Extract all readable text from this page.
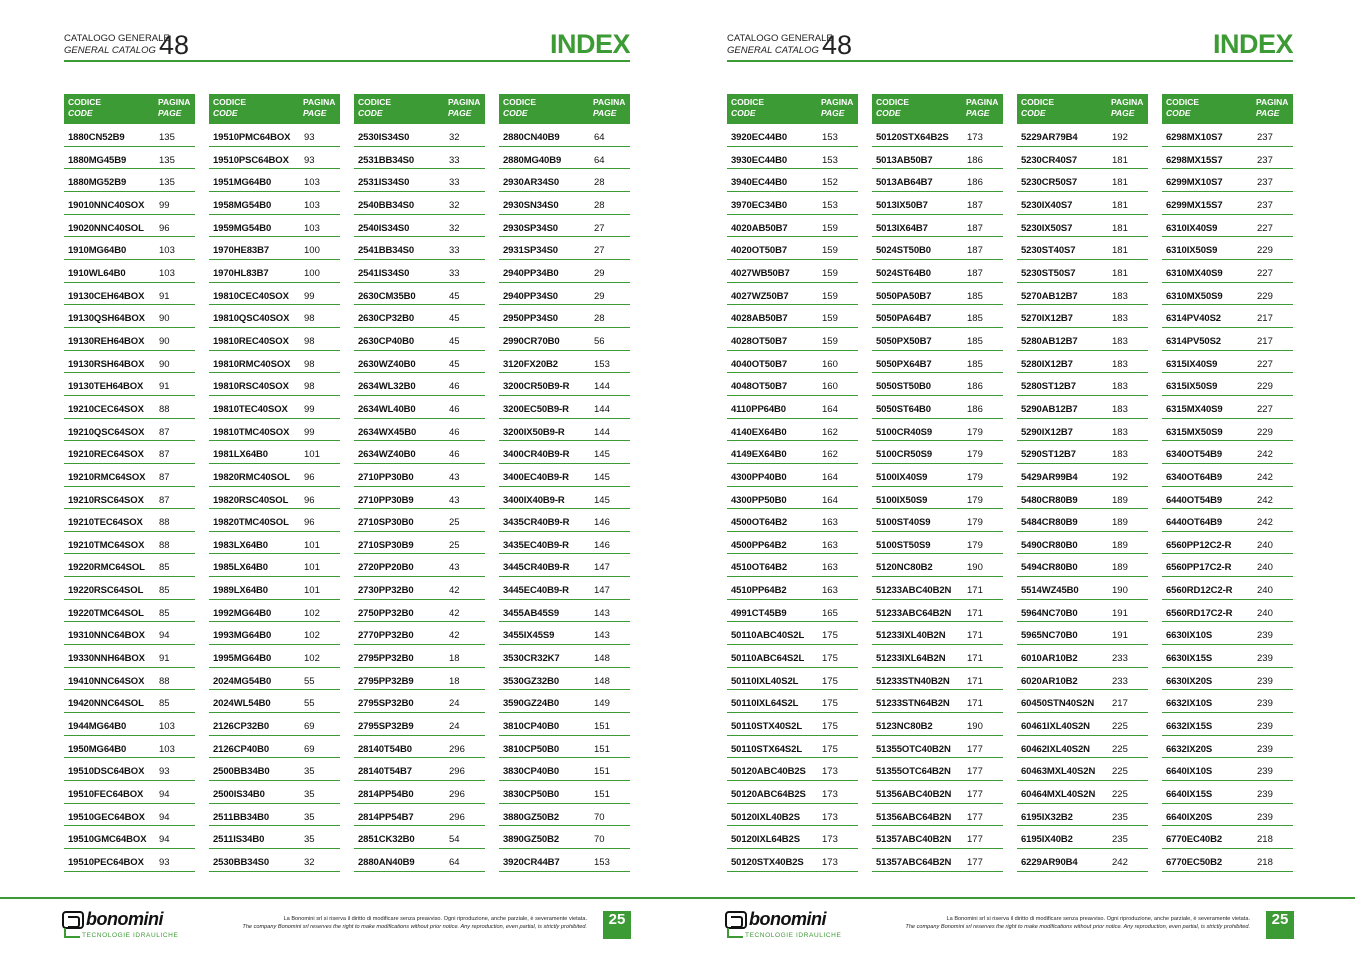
CATALOGO GENERALE
GENERAL CATALOG 48	INDEX
CODICE
CODE
PAGINA
PAGE
1880CN52B9	135
1880MG45B9	135
1880MG52B9	135
19010NNC40SOX 99
19020NNC40SOL 96
1910MG64B0	103
1910WL64B0	103
19130CEH64BOX 91
19130QSH64BOX 90
19130REH64BOX 90
19130RSH64BOX 90
19130TEH64BOX 91
19210CEC64SOX 88
19210QSC64SOX 87
19210REC64SOX 87
19210RMC64SOX 87
19210RSC64SOX 87
19210TEC64SOX 88
19210TMC64SOX 88
19220RMC64SOL 85
19220RSC64SOL 85
19220TMC64SOL 85
19310NNC64BOX 94
19330NNH64BOX 91
19410NNC64SOX 88
19420NNC64SOL 85
1944MG64B0	103
1950MG64B0	103
19510DSC64BOX 93
19510FEC64BOX 94
19510GEC64BOX 94
19510GMC64BOX 94
19510PEC64BOX 93
CODICE
CODE
PAGINA
PAGE
19510PMC64BOX 93
19510PSC64BOX 93
1951MG64B0	103
1958MG54B0	103
1959MG54B0	103
1970HE83B7	100
1970HL83B7	100
19810CEC40SOX 99
19810QSC40SOX 98
19810REC40SOX 98
19810RMC40SOX 98
19810RSC40SOX 98
19810TEC40SOX 99
19810TMC40SOX 99
1981LX64B0	101
19820RMC40SOL 96
19820RSC40SOL 96
19820TMC40SOL 96
1983LX64B0	101
1985LX64B0	101
1989LX64B0	101
1992MG64B0	102
1993MG64B0	102
1995MG64B0	102
2024MG54B0	55
2024WL54B0	55
2126CP32B0	69
2126CP40B0	69
2500BB34B0	35
2500IS34B0	35
2511BB34B0	35
2511IS34B0	35
2530BB34S0	32
CODICE
CODE
PAGINA
PAGE
2530IS34S0	32
2531BB34S0	33
2531IS34S0	33
2540BB34S0	32
2540IS34S0	32
2541BB34S0	33
2541IS34S0	33
2630CM35B0	45
2630CP32B0	45
2630CP40B0	45
2630WZ40B0	45
2634WL32B0	46
2634WL40B0	46
2634WX45B0	46
2634WZ40B0	46
2710PP30B0	43
2710PP30B9	43
2710SP30B0	25
2710SP30B9	25
2720PP20B0	43
2730PP32B0	42
2750PP32B0	42
2770PP32B0	42
2795PP32B0	18
2795PP32B9	18
2795SP32B0	24
2795SP32B9	24
28140T54B0	296
28140T54B7	296
2814PP54B0	296
2814PP54B7	296
2851CK32B0	54
2880AN40B9	64
CODICE
CODE
PAGINA
PAGE
2880CN40B9	64
2880MG40B9	64
2930AR34S0	28
2930SN34S0	28
2930SP34S0	27
2931SP34S0	27
2940PP34B0	29
2940PP34S0	29
2950PP34S0	28
2990CR70B0	56
3120FX20B2	153
3200CR50B9-R	144
3200EC50B9-R	144
3200IX50B9-R	144
3400CR40B9-R	145
3400EC40B9-R	145
3400IX40B9-R	145
3435CR40B9-R	146
3435EC40B9-R	146
3445CR40B9-R	147
3445EC40B9-R	147
3455AB45S9	143
3455IX45S9	143
3530CR32K7	148
3530GZ32B0	148
3590GZ24B0	149
3810CP40B0	151
3810CP50B0	151
3830CP40B0	151
3830CP50B0	151
3880GZ50B2	70
3890GZ50B2	70
3920CR44B7	153
bonomini
TECNOLOGIE IDRAULICHE
La Bonomini srl si riserva il diritto di modificare senza preavviso. Ogni riproduzione, anche parziale, è severamente vietata.
The company Bonomini srl reserves the right to make modifications without prior notice. Any reproduction, even partial, is strictly prohibited.	25
CATALOGO GENERALE
GENERAL CATALOG 48	INDEX
CODICE
CODE
PAGINA
PAGE
3920EC44B0	153
3930EC44B0	153
3940EC44B0	152
3970EC34B0	153
4020AB50B7	159
4020OT50B7	159
4027WB50B7	159
4027WZ50B7	159
4028AB50B7	159
4028OT50B7	159
4040OT50B7	160
4048OT50B7	160
4110PP64B0	164
4140EX64B0	162
4149EX64B0	162
4300PP40B0	164
4300PP50B0	164
4500OT64B2	163
4500PP64B2	163
4510OT64B2	163
4510PP64B2	163
4991CT45B9	165
50110ABC40S2L 175
50110ABC64S2L 175
50110IXL40S2L 175
50110IXL64S2L 175
50110STX40S2L 175
50110STX64S2L 175
50120ABC40B2S 173
50120ABC64B2S 173
50120IXL40B2S 173
50120IXL64B2S 173
50120STX40B2S 173
CODICE
CODE
PAGINA
PAGE
50120STX64B2S 173
5013AB50B7	186
5013AB64B7	186
5013IX50B7	187
5013IX64B7	187
5024ST50B0	187
5024ST64B0	187
5050PA50B7	185
5050PA64B7	185
5050PX50B7	185
5050PX64B7	185
5050ST50B0	186
5050ST64B0	186
5100CR40S9	179
5100CR50S9	179
5100IX40S9	179
5100IX50S9	179
5100ST40S9	179
5100ST50S9	179
5120NC80B2	190
51233ABC40B2N 171
51233ABC64B2N 171
51233IXL40B2N 171
51233IXL64B2N 171
51233STN40B2N 171
51233STN64B2N 171
5123NC80B2	190
51355OTC40B2N 177
51355OTC64B2N 177
51356ABC40B2N 177
51356ABC64B2N 177
51357ABC40B2N 177
51357ABC64B2N 177
CODICE
CODE
PAGINA
PAGE
5229AR79B4	192
5230CR40S7	181
5230CR50S7	181
5230IX40S7	181
5230IX50S7	181
5230ST40S7	181
5230ST50S7	181
5270AB12B7	183
5270IX12B7	183
5280AB12B7	183
5280IX12B7	183
5280ST12B7	183
5290AB12B7	183
5290IX12B7	183
5290ST12B7	183
5429AR99B4	192
5480CR80B9	189
5484CR80B9	189
5490CR80B0	189
5494CR80B0	189
5514WZ45B0	190
5964NC70B0	191
5965NC70B0	191
6010AR10B2	233
6020AR10B2	233
60450STN40S2N 217
60461IXL40S2N 225
60462IXL40S2N 225
60463MXL40S2N 225
60464MXL40S2N 225
6195IX32B2	235
6195IX40B2	235
6229AR90B4	242
CODICE
CODE
PAGINA
PAGE
6298MX10S7	237
6298MX15S7	237
6299MX10S7	237
6299MX15S7	237
6310IX40S9	227
6310IX50S9	229
6310MX40S9	227
6310MX50S9	229
6314PV40S2	217
6314PV50S2	217
6315IX40S9	227
6315IX50S9	229
6315MX40S9	227
6315MX50S9	229
6340OT54B9	242
6340OT64B9	242
6440OT54B9	242
6440OT64B9	242
6560PP12C2-R	240
6560PP17C2-R	240
6560RD12C2-R	240
6560RD17C2-R	240
6630IX10S	239
6630IX15S	239
6630IX20S	239
6632IX10S	239
6632IX15S	239
6632IX20S	239
6640IX10S	239
6640IX15S	239
6640IX20S	239
6770EC40B2	218
6770EC50B2	218
bonomini
TECNOLOGIE IDRAULICHE
La Bonomini srl si riserva il diritto di modificare senza preavviso. Ogni riproduzione, anche parziale, è severamente vietata.
The company Bonomini srl reserves the right to make modifications without prior notice. Any reproduction, even partial, is strictly prohibited.	25
